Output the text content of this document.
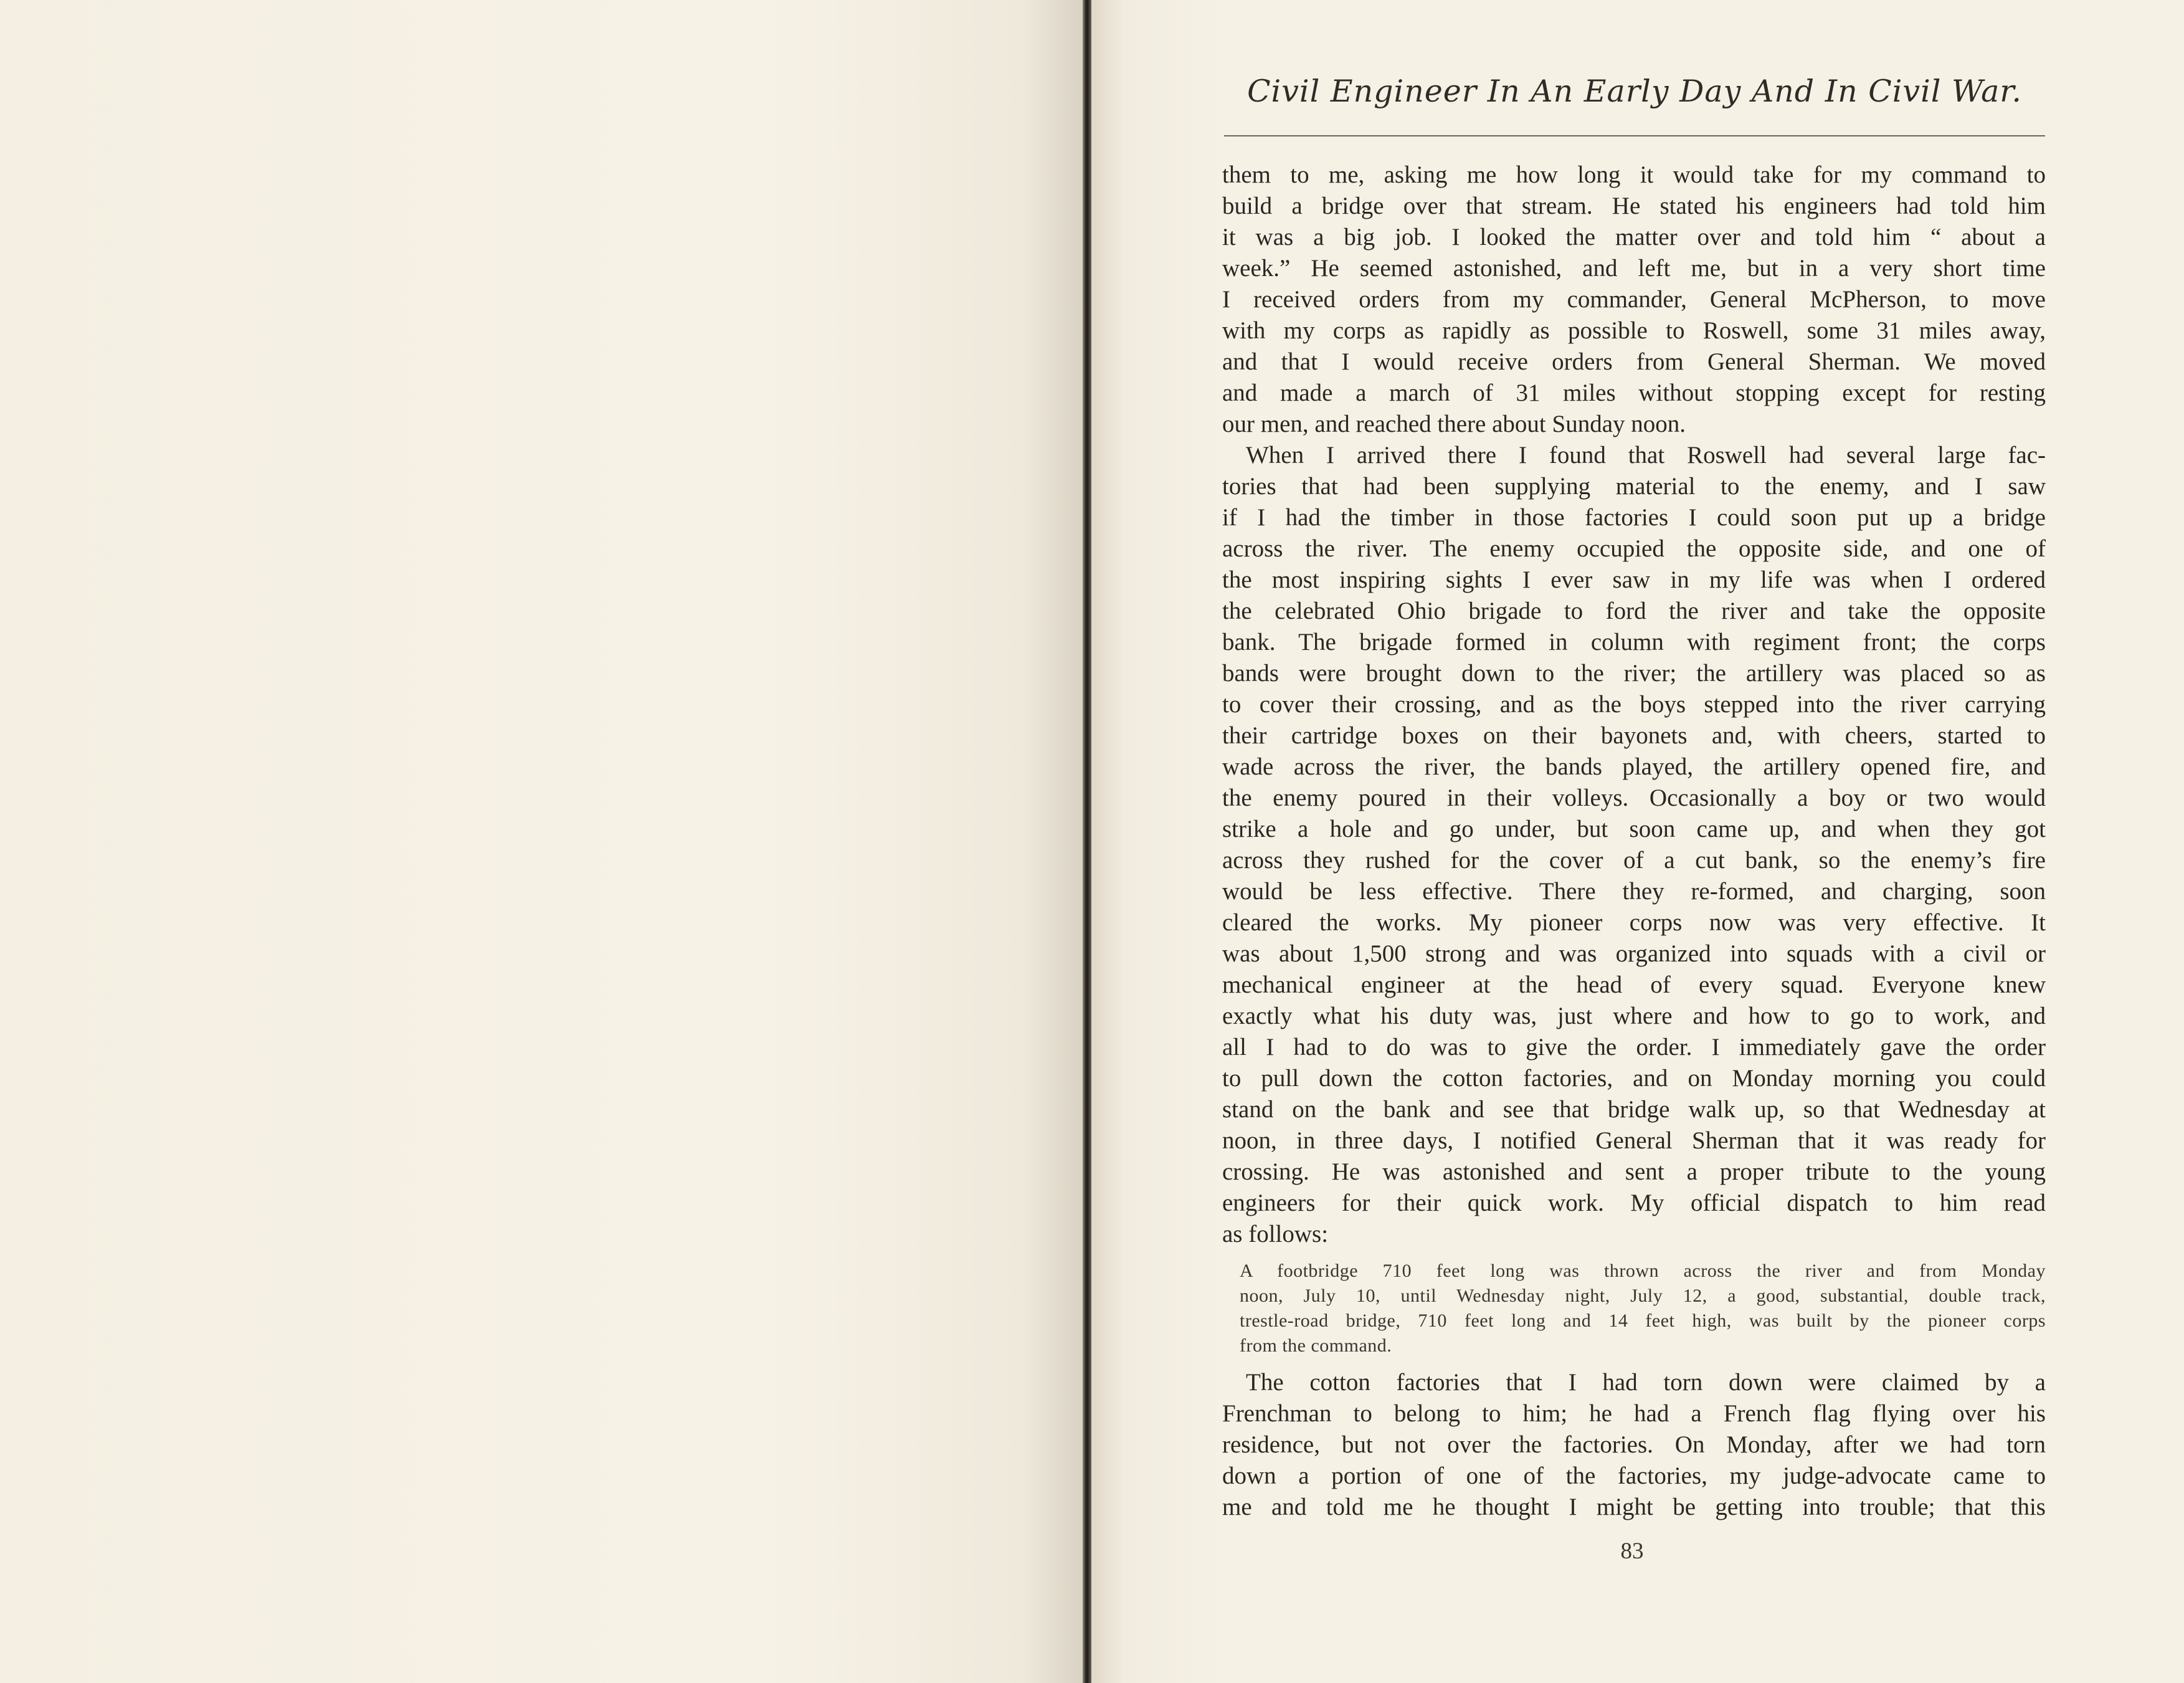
Civil Engineer In An Early Day And In Civil War.
them to me, asking me how long it would take for my command to
build a bridge over that stream. He stated his engineers had told him
it was a big job. I looked the matter over and told him “ about a
week.” He seemed astonished, and left me, but in a very short time
I received orders from my commander, General McPherson, to move
with my corps as rapidly as possible to Roswell, some 31 miles away,
and that I would receive orders from General Sherman. We moved
and made a march of 31 miles without stopping except for resting
our men, and reached there about Sunday noon.
When I arrived there I found that Roswell had several large fac-
tories that had been supplying material to the enemy, and I saw
if I had the timber in those factories I could soon put up a bridge
across the river. The enemy occupied the opposite side, and one of
the most inspiring sights I ever saw in my life was when I ordered
the celebrated Ohio brigade to ford the river and take the opposite
bank. The brigade formed in column with regiment front; the corps
bands were brought down to the river; the artillery was placed so as
to cover their crossing, and as the boys stepped into the river carrying
their cartridge boxes on their bayonets and, with cheers, started to
wade across the river, the bands played, the artillery opened fire, and
the enemy poured in their volleys. Occasionally a boy or two would
strike a hole and go under, but soon came up, and when they got
across they rushed for the cover of a cut bank, so the enemy’s fire
would be less effective. There they re-formed, and charging, soon
cleared the works. My pioneer corps now was very effective. It
was about 1,500 strong and was organized into squads with a civil or
mechanical engineer at the head of every squad. Everyone knew
exactly what his duty was, just where and how to go to work, and
all I had to do was to give the order. I immediately gave the order
to pull down the cotton factories, and on Monday morning you could
stand on the bank and see that bridge walk up, so that Wednesday at
noon, in three days, I notified General Sherman that it was ready for
crossing. He was astonished and sent a proper tribute to the young
engineers for their quick work. My official dispatch to him read
as follows:
A footbridge 710 feet long was thrown across the river and from Monday
noon, July 10, until Wednesday night, July 12, a good, substantial, double track,
trestle-road bridge, 710 feet long and 14 feet high, was built by the pioneer corps
from the command.
The cotton factories that I had torn down were claimed by a
Frenchman to belong to him; he had a French flag flying over his
residence, but not over the factories. On Monday, after we had torn
down a portion of one of the factories, my judge-advocate came to
me and told me he thought I might be getting into trouble; that this
83
